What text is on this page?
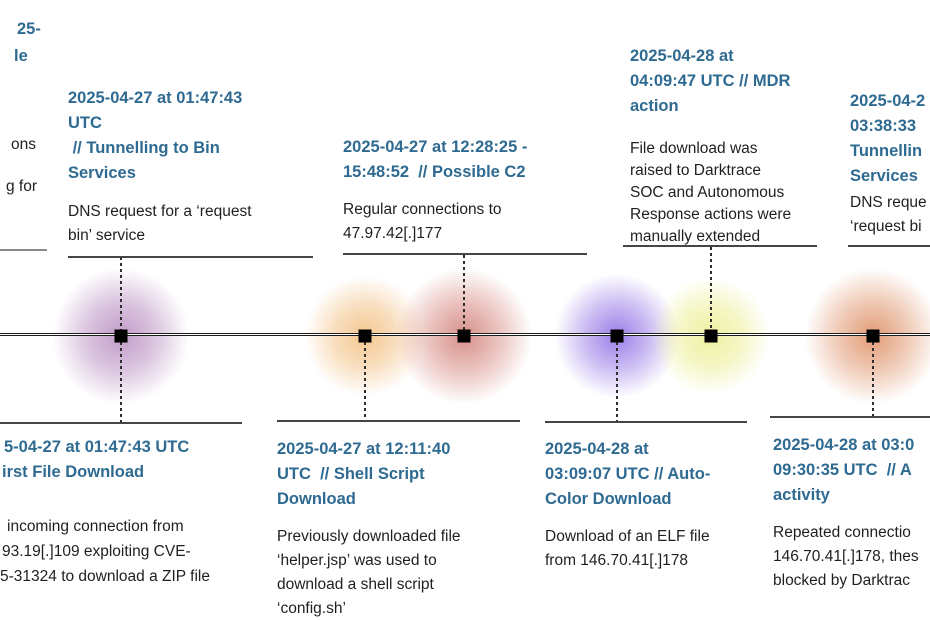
25-
le
ons
g for
2025-04-27 at 01:47:43
UTC
// Tunnelling to Bin
Services
DNS request for a ‘request
bin’ service
2025-04-27 at 12:28:25 -
15:48:52  // Possible C2
Regular connections to
47.97.42[.]177
2025-04-28 at
04:09:47 UTC // MDR
action
File download was
raised to Darktrace
SOC and Autonomous
Response actions were
manually extended
2025-04-2
03:38:33
Tunnellin
Services
DNS reque
‘request bi
5-04-27 at 01:47:43 UTC
irst File Download
incoming connection from
93.19[.]109 exploiting CVE-
5-31324 to download a ZIP file
2025-04-27 at 12:11:40
UTC  // Shell Script
Download
Previously downloaded file
‘helper.jsp’ was used to
download a shell script
‘config.sh’
2025-04-28 at
03:09:07 UTC // Auto-
Color Download
Download of an ELF file
from 146.70.41[.]178
2025-04-28 at 03:0
09:30:35 UTC  // A
activity
Repeated connectio
146.70.41[.]178, thes
blocked by Darktrac
